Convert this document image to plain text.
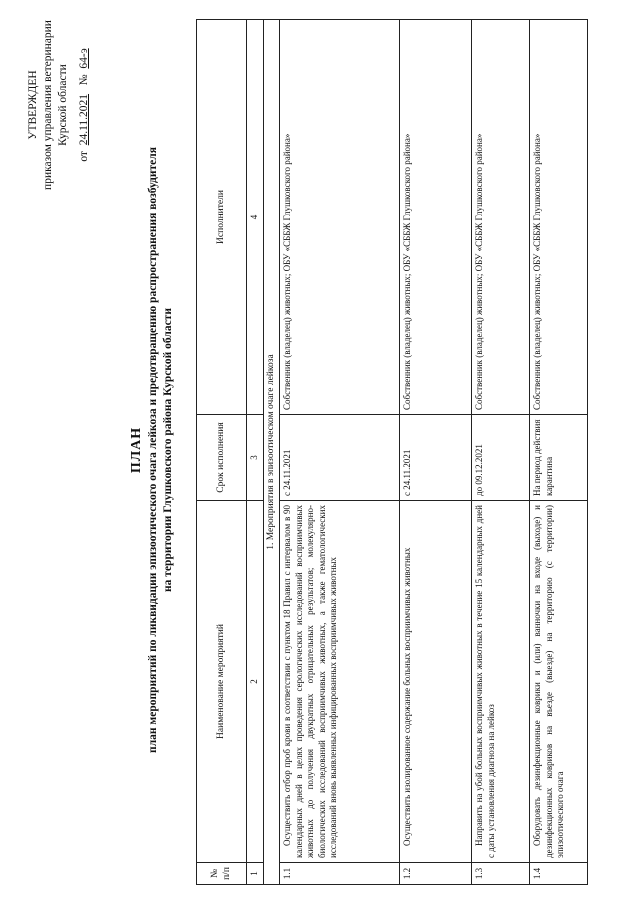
УТВЕРЖДЕН приказом управления ветеринарии Курской области
от  24.11.2021   №  64-э
ПЛАН план мероприятий по ликвидации эпизоотического очага лейкоза и предотвращению распространения возбудителя на территории Глушковского района Курской области
№ п/п	Наименование мероприятий	Срок исполнения	Исполнители
1	2	3	4
1. Мероприятия в эпизоотическом очаге лейкоза			
1.1	Осуществить отбор проб крови в соответствии с пунктом 18 Правил с интервалом в 90 календарных дней в целях проведения серологических исследований восприимчивых животных до получения двукратных отрицательных результатов; молекулярно-биологических исследований восприимчивых животных, а также гематологических исследований вновь выявленных инфицированных восприимчивых животных	с 24.11.2021	Собственник (владелец) животных; ОБУ «СББЖ Глушковского района»
1.2	Осуществить изолированное содержание больных восприимчивых животных	с 24.11.2021	Собственник (владелец) животных; ОБУ «СББЖ Глушковского района»
1.3	Направить на убой больных восприимчивых животных в течение 15 календарных дней с даты установления диагноза на лейкоз	до 09.12.2021	Собственник (владелец) животных; ОБУ «СББЖ Глушковского района»
1.4	Оборудовать дезинфекционные коврики и (или) ванночки на входе (выходе) и дезинфекционных ковриков на въезде (выезде) на территорию (с территории) эпизоотического очага	На период действия карантина	Собственник (владелец) животных; ОБУ «СББЖ Глушковского района»
